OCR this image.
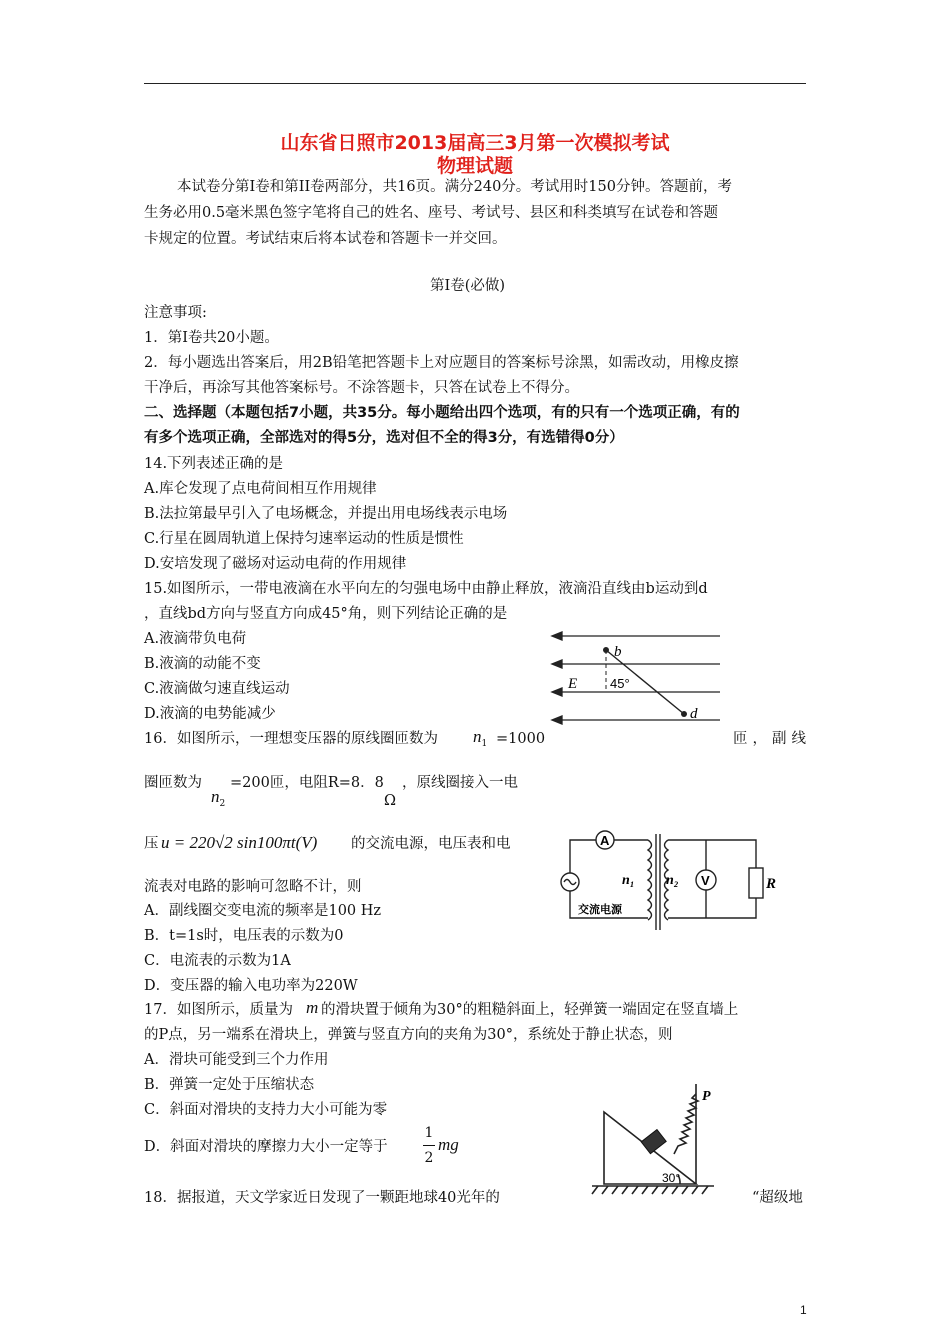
山东省日照市2013届高三3月第一次模拟考试
物理试题
本试卷分第Ⅰ卷和第II卷两部分，共16页。满分240分。考试用时150分钟。答题前，考
生务必用0.5毫米黑色签字笔将自己的姓名、座号、考试号、县区和科类填写在试卷和答题
卡规定的位置。考试结束后将本试卷和答题卡一并交回。
第Ⅰ卷(必做)
注意事项:
1．第Ⅰ卷共20小题。
2．每小题选出答案后，用2B铅笔把答题卡上对应题目的答案标号涂黑，如需改动，用橡皮擦
干净后，再涂写其他答案标号。不涂答题卡，只答在试卷上不得分。
二、选择题（本题包括7小题，共35分。每小题给出四个选项，有的只有一个选项正确，有的
有多个选项正确，全部选对的得5分，选对但不全的得3分，有选错得0分）
14.下列表述正确的是
A.库仑发现了点电荷间相互作用规律
B.法拉第最早引入了电场概念，并提出用电场线表示电场
C.行星在圆周轨道上保持匀速率运动的性质是惯性
D.安培发现了磁场对运动电荷的作用规律
15.如图所示，一带电液滴在水平向左的匀强电场中由静止释放，液滴沿直线由b运动到d
，直线bd方向与竖直方向成45°角，则下列结论正确的是
A.液滴带负电荷
B.液滴的动能不变
C.液滴做匀速直线运动
D.液滴的电势能减少
b
d
E	45°
16．如图所示，一理想变压器的原线圈匝数为 $n_1 =1000$	匝，副线
圈匝数为
$n_2$
=200匝，电阻R=8．8
Ω
，原线圈接入一电
压 u = 220√2 sin100πt(V) 的交流电源，电压表和电
流表对电路的影响可忽略不计，则
A．副线圈交变电流的频率是100 Hz
B．t=1s时，电压表的示数为0
C．电流表的示数为1A
D．变压器的输入电功率为220W
A
V
n₁ n₂	R
交流电源
17．如图所示，质量为 m 的滑块置于倾角为30°的粗糙斜面上，轻弹簧一端固定在竖直墙上
的P点，另一端系在滑块上，弹簧与竖直方向的夹角为30°，系统处于静止状态，则
A．滑块可能受到三个力作用
B．弹簧一定处于压缩状态
C．斜面对滑块的支持力大小可能为零
D．斜面对滑块的摩擦力大小一定等于
1
2
mg
P
30°
18．据报道，天文学家近日发现了一颗距地球40光年的	“超级地
1
